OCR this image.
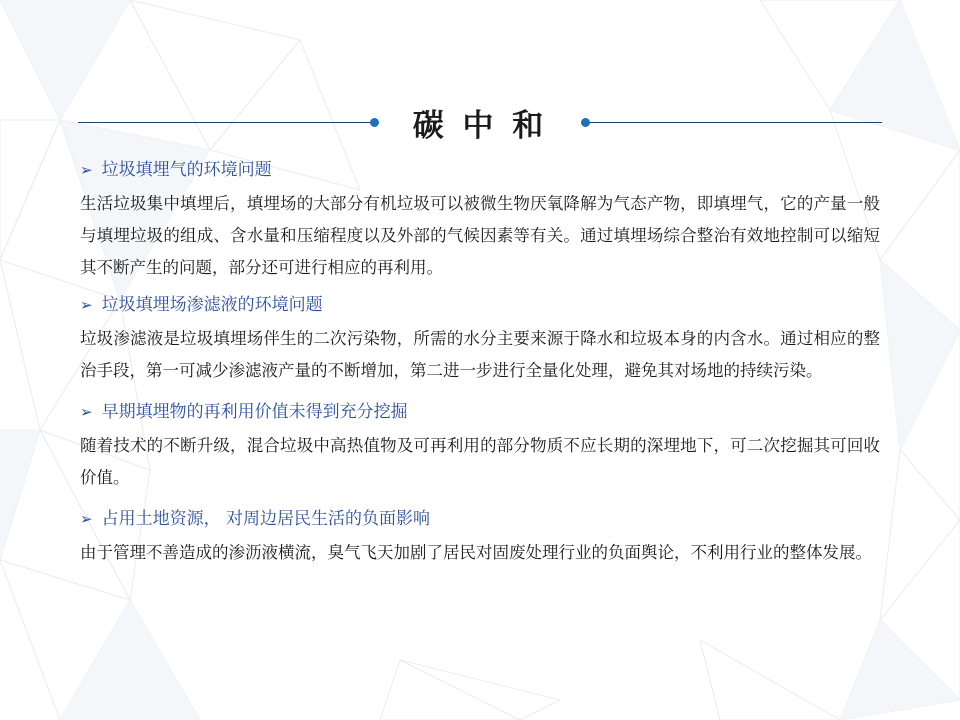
碳 中 和
➢ 垃圾填埋气的环境问题

生活垃圾集中填埋后，填埋场的大部分有机垃圾可以被微生物厌氧降解为气态产物，即填埋气，它的产量一般与填埋垃圾的组成、含水量和压缩程度以及外部的气候因素等有关。通过填埋场综合整治有效地控制可以缩短其不断产生的问题，部分还可进行相应的再利用。

➢ 垃圾填埋场渗滤液的环境问题

垃圾渗滤液是垃圾填埋场伴生的二次污染物，所需的水分主要来源于降水和垃圾本身的内含水。通过相应的整治手段，第一可减少渗滤液产量的不断增加，第二进一步进行全量化处理，避免其对场地的持续污染。

➢ 早期填埋物的再利用价值未得到充分挖掘

随着技术的不断升级，混合垃圾中高热值物及可再利用的部分物质不应长期的深埋地下，可二次挖掘其可回收价值。

➢ 占用土地资源， 对周边居民生活的负面影响

由于管理不善造成的渗沥液横流，臭气飞天加剧了居民对固废处理行业的负面舆论，不利用行业的整体发展。
